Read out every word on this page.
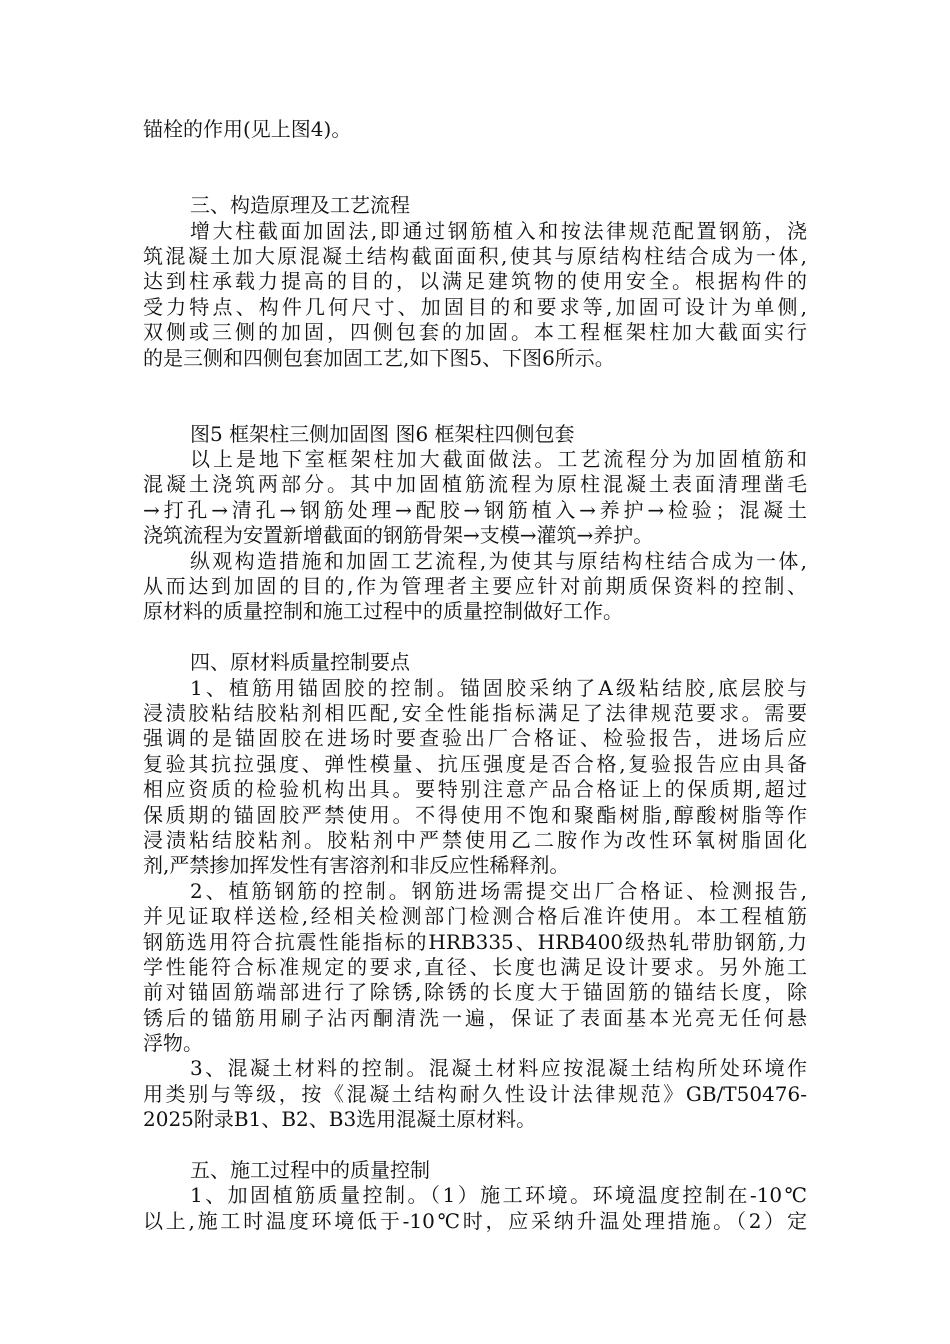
锚栓的作用(见上图4)。
三、构造原理及工艺流程
增大柱截面加固法,即通过钢筋植入和按法律规范配置钢筋，浇
筑混凝土加大原混凝土结构截面面积,使其与原结构柱结合成为一体,
达到柱承载力提高的目的，以满足建筑物的使用安全。根据构件的
受力特点、构件几何尺寸、加固目的和要求等,加固可设计为单侧,
双侧或三侧的加固，四侧包套的加固。本工程框架柱加大截面实行
的是三侧和四侧包套加固工艺,如下图5、下图6所示。
图5 框架柱三侧加固图 图6 框架柱四侧包套
以上是地下室框架柱加大截面做法。工艺流程分为加固植筋和
混凝土浇筑两部分。其中加固植筋流程为原柱混凝土表面清理凿毛
→打孔→清孔→钢筋处理→配胶→钢筋植入→养护→检验；混凝土
浇筑流程为安置新增截面的钢筋骨架→支模→灌筑→养护。
纵观构造措施和加固工艺流程,为使其与原结构柱结合成为一体,
从而达到加固的目的,作为管理者主要应针对前期质保资料的控制、
原材料的质量控制和施工过程中的质量控制做好工作。
四、原材料质量控制要点
1、植筋用锚固胶的控制。锚固胶采纳了A级粘结胶,底层胶与
浸渍胶粘结胶粘剂相匹配,安全性能指标满足了法律规范要求。需要
强调的是锚固胶在进场时要查验出厂合格证、检验报告，进场后应
复验其抗拉强度、弹性模量、抗压强度是否合格,复验报告应由具备
相应资质的检验机构出具。要特别注意产品合格证上的保质期,超过
保质期的锚固胶严禁使用。不得使用不饱和聚酯树脂,醇酸树脂等作
浸渍粘结胶粘剂。胶粘剂中严禁使用乙二胺作为改性环氧树脂固化
剂,严禁掺加挥发性有害溶剂和非反应性稀释剂。
2、植筋钢筋的控制。钢筋进场需提交出厂合格证、检测报告,
并见证取样送检,经相关检测部门检测合格后准许使用。本工程植筋
钢筋选用符合抗震性能指标的HRB335、HRB400级热轧带肋钢筋,力
学性能符合标准规定的要求,直径、长度也满足设计要求。另外施工
前对锚固筋端部进行了除锈,除锈的长度大于锚固筋的锚结长度，除
锈后的锚筋用刷子沾丙酮清洗一遍，保证了表面基本光亮无任何悬
浮物。
3、混凝土材料的控制。混凝土材料应按混凝土结构所处环境作
用类别与等级，按《混凝土结构耐久性设计法律规范》GB/T50476-
2025附录B1、B2、B3选用混凝土原材料。
五、施工过程中的质量控制
1、加固植筋质量控制。（1）施工环境。环境温度控制在-10℃
以上,施工时温度环境低于-10℃时，应采纳升温处理措施。（2）定
